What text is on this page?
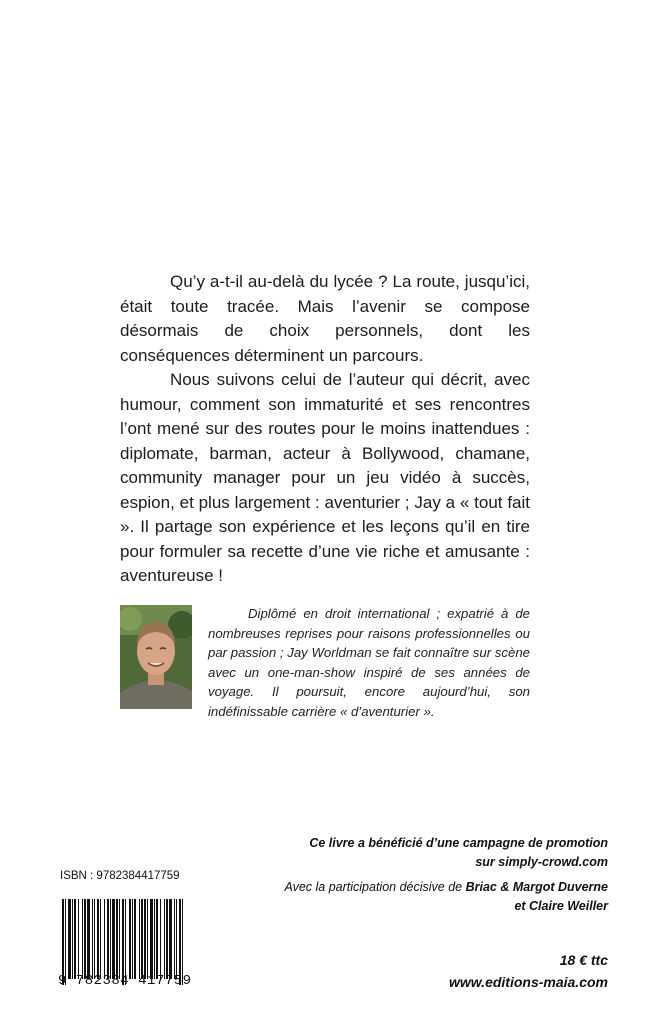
Qu’y a-t-il au-delà du lycée ? La route, jusqu’ici, était toute tracée. Mais l’avenir se compose désormais de choix personnels, dont les conséquences déterminent un parcours.

Nous suivons celui de l’auteur qui décrit, avec humour, comment son immaturité et ses rencontres l’ont mené sur des routes pour le moins inattendues : diplomate, barman, acteur à Bollywood, chamane, community manager pour un jeu vidéo à succès, espion, et plus largement : aventurier ; Jay a « tout fait ». Il partage son expérience et les leçons qu’il en tire pour formuler sa recette d’une vie riche et amusante : aventureuse !

Diplômé en droit international ; expatrié à de nombreuses reprises pour raisons professionnelles ou par passion ; Jay Worldman se fait connaître sur scène avec un one-man-show inspiré de ses années de voyage. Il poursuit, encore aujourd’hui, son indéfinissable carrière « d’aventurier ».

Ce livre a bénéficié d’une campagne de promotion
sur simply-crowd.com
Avec la participation décisive de Briac & Margot Duverne
et Claire Weiller
ISBN : 9782384417759
9 782384 417759
18 € ttc
www.editions-maia.com
